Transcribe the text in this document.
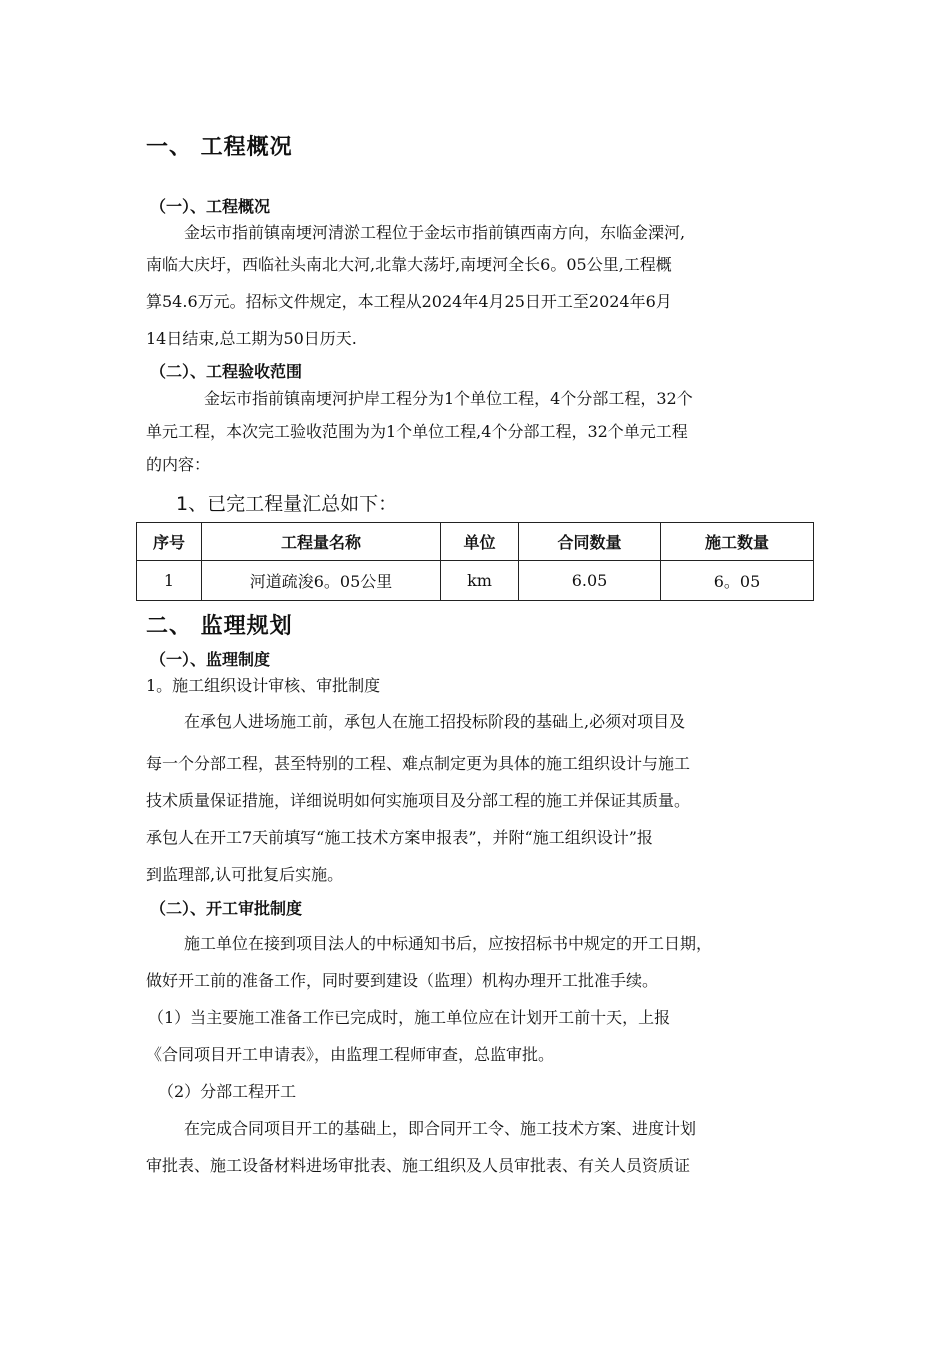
一、 工程概况
（一）、工程概况

金坛市指前镇南埂河清淤工程位于金坛市指前镇西南方向，东临金溧河,

南临大庆圩，西临社头南北大河,北靠大荡圩,南埂河全长6。05公里,工程概

算54.6万元。招标文件规定，本工程从2024年4月25日开工至2024年6月

14日结束,总工期为50日历天.

（二）、工程验收范围

金坛市指前镇南埂河护岸工程分为1个单位工程，4个分部工程，32个

单元工程，本次完工验收范围为为1个单位工程,4个分部工程，32个单元工程

的内容：

1、已完工程量汇总如下：
序号	工程量名称	单位	合同数量	施工数量
1	河道疏浚6。05公里	km	6.05	6。05
二、 监理规划
（一）、监理制度

1。施工组织设计审核、审批制度

在承包人进场施工前，承包人在施工招投标阶段的基础上,必须对项目及

每一个分部工程，甚至特别的工程、难点制定更为具体的施工组织设计与施工

技术质量保证措施，详细说明如何实施项目及分部工程的施工并保证其质量。

承包人在开工7天前填写“施工技术方案申报表”，并附“施工组织设计”报

到监理部,认可批复后实施。

（二）、开工审批制度

施工单位在接到项目法人的中标通知书后，应按招标书中规定的开工日期，

做好开工前的准备工作，同时要到建设（监理）机构办理开工批准手续。

（1）当主要施工准备工作已完成时，施工单位应在计划开工前十天，上报

《合同项目开工申请表》，由监理工程师审查，总监审批。

（2）分部工程开工

在完成合同项目开工的基础上，即合同开工令、施工技术方案、进度计划

审批表、施工设备材料进场审批表、施工组织及人员审批表、有关人员资质证
